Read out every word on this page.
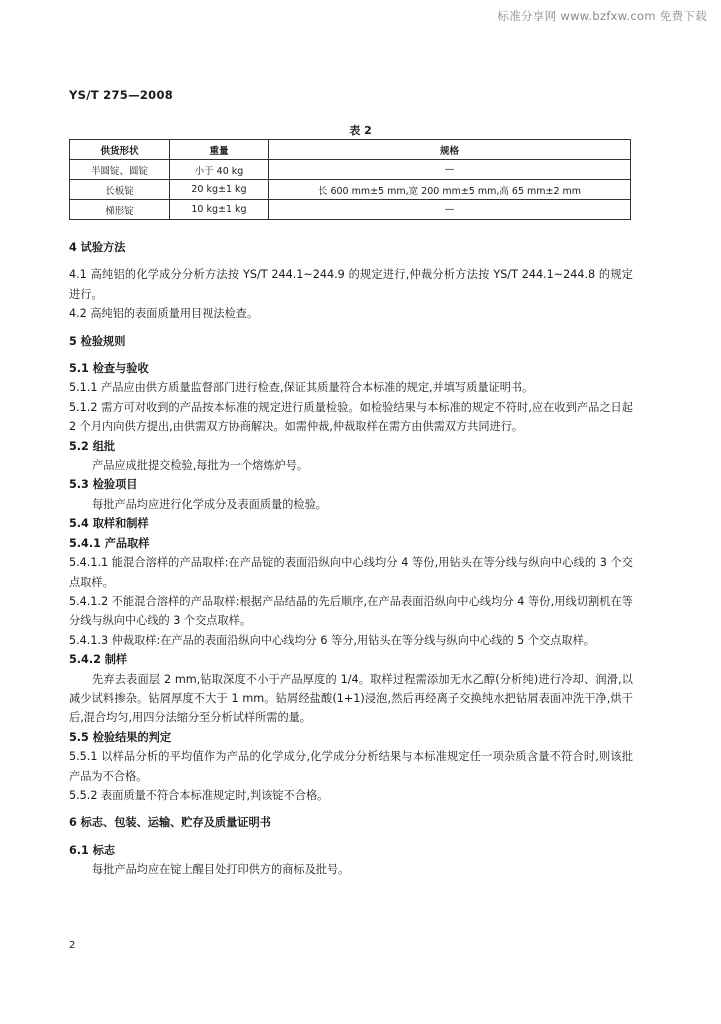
标准分享网 www.bzfxw.com 免费下载
YS/T 275—2008
表 2
供货形状	重量	规格
半圆锭、圆锭	小于 40 kg	—
长板锭	20 kg±1 kg	长 600 mm±5 mm,宽 200 mm±5 mm,高 65 mm±2 mm
梯形锭	10 kg±1 kg	—

4 试验方法

4.1 高纯铝的化学成分分析方法按 YS/T 244.1~244.9 的规定进行,仲裁分析方法按 YS/T 244.1~244.8 的规定进行。

4.2 高纯铝的表面质量用目视法检查。

5 检验规则

5.1 检查与验收

5.1.1 产品应由供方质量监督部门进行检查,保证其质量符合本标准的规定,并填写质量证明书。

5.1.2 需方可对收到的产品按本标准的规定进行质量检验。如检验结果与本标准的规定不符时,应在收到产品之日起 2 个月内向供方提出,由供需双方协商解决。如需仲裁,仲裁取样在需方由供需双方共同进行。

5.2 组批

产品应成批提交检验,每批为一个熔炼炉号。

5.3 检验项目

每批产品均应进行化学成分及表面质量的检验。

5.4 取样和制样

5.4.1 产品取样

5.4.1.1 能混合溶样的产品取样:在产品锭的表面沿纵向中心线均分 4 等份,用钻头在等分线与纵向中心线的 3 个交点取样。

5.4.1.2 不能混合溶样的产品取样:根据产品结晶的先后顺序,在产品表面沿纵向中心线均分 4 等份,用线切割机在等分线与纵向中心线的 3 个交点取样。

5.4.1.3 仲裁取样:在产品的表面沿纵向中心线均分 6 等分,用钻头在等分线与纵向中心线的 5 个交点取样。

5.4.2 制样

先弃去表面层 2 mm,钻取深度不小于产品厚度的 1/4。取样过程需添加无水乙醇(分析纯)进行冷却、润滑,以减少试料掺杂。钻屑厚度不大于 1 mm。钻屑经盐酸(1+1)浸泡,然后再经离子交换纯水把钻屑表面冲洗干净,烘干后,混合均匀,用四分法缩分至分析试样所需的量。

5.5 检验结果的判定

5.5.1 以样品分析的平均值作为产品的化学成分,化学成分分析结果与本标准规定任一项杂质含量不符合时,则该批产品为不合格。

5.5.2 表面质量不符合本标准规定时,判该锭不合格。

6 标志、包装、运输、贮存及质量证明书

6.1 标志

每批产品均应在锭上醒目处打印供方的商标及批号。

2
